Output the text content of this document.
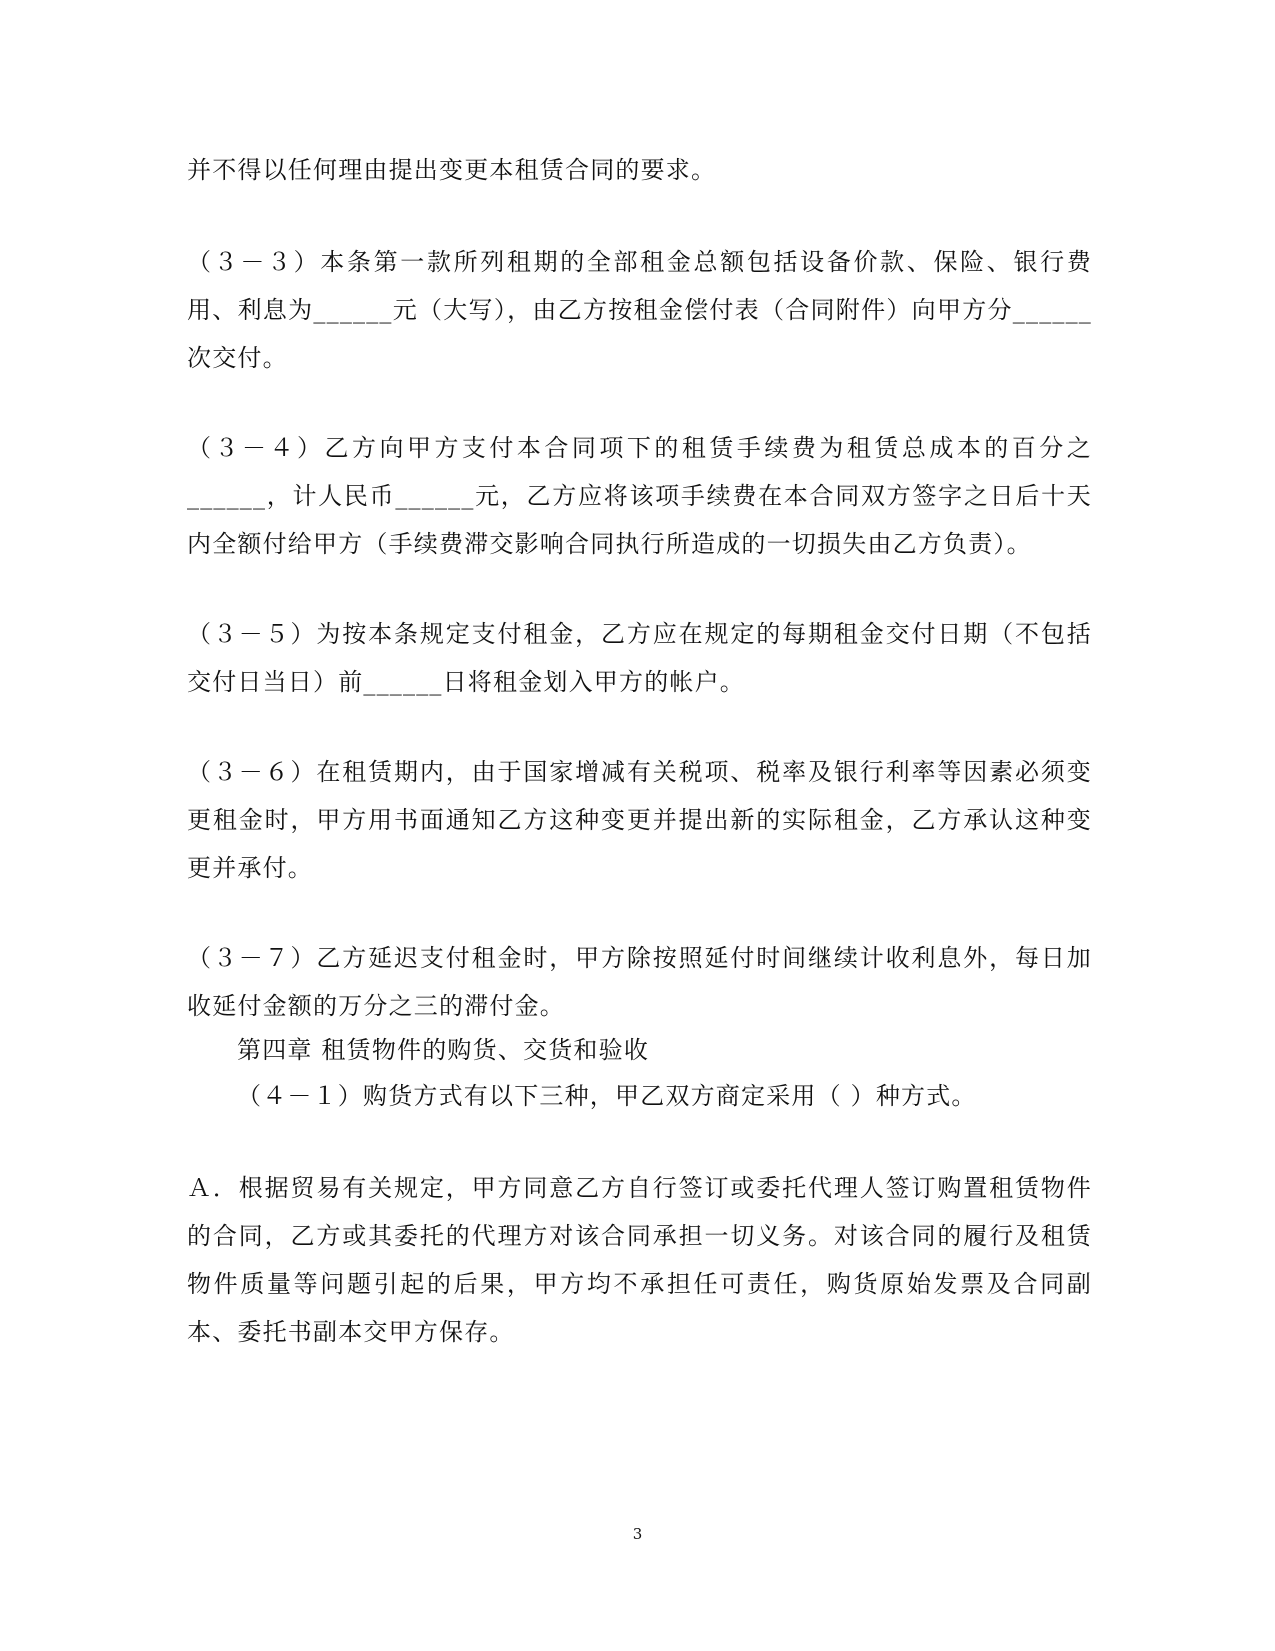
并不得以任何理由提出变更本租赁合同的要求。

（３－３）本条第一款所列租期的全部租金总额包括设备价款、保险、银行费用、利息为______元（大写），由乙方按租金偿付表（合同附件）向甲方分______次交付。

（３－４）乙方向甲方支付本合同项下的租赁手续费为租赁总成本的百分之______，计人民币______元，乙方应将该项手续费在本合同双方签字之日后十天内全额付给甲方（手续费滞交影响合同执行所造成的一切损失由乙方负责）。

（３－５）为按本条规定支付租金，乙方应在规定的每期租金交付日期（不包括交付日当日）前______日将租金划入甲方的帐户。

（３－６）在租赁期内，由于国家增减有关税项、税率及银行利率等因素必须变更租金时，甲方用书面通知乙方这种变更并提出新的实际租金，乙方承认这种变更并承付。

（３－７）乙方延迟支付租金时，甲方除按照延付时间继续计收利息外，每日加收延付金额的万分之三的滞付金。

第四章 租赁物件的购货、交货和验收

（４－１）购货方式有以下三种，甲乙双方商定采用（ ）种方式。

Ａ．根据贸易有关规定，甲方同意乙方自行签订或委托代理人签订购置租赁物件的合同，乙方或其委托的代理方对该合同承担一切义务。对该合同的履行及租赁物件质量等问题引起的后果，甲方均不承担任可责任，购货原始发票及合同副本、委托书副本交甲方保存。

3
